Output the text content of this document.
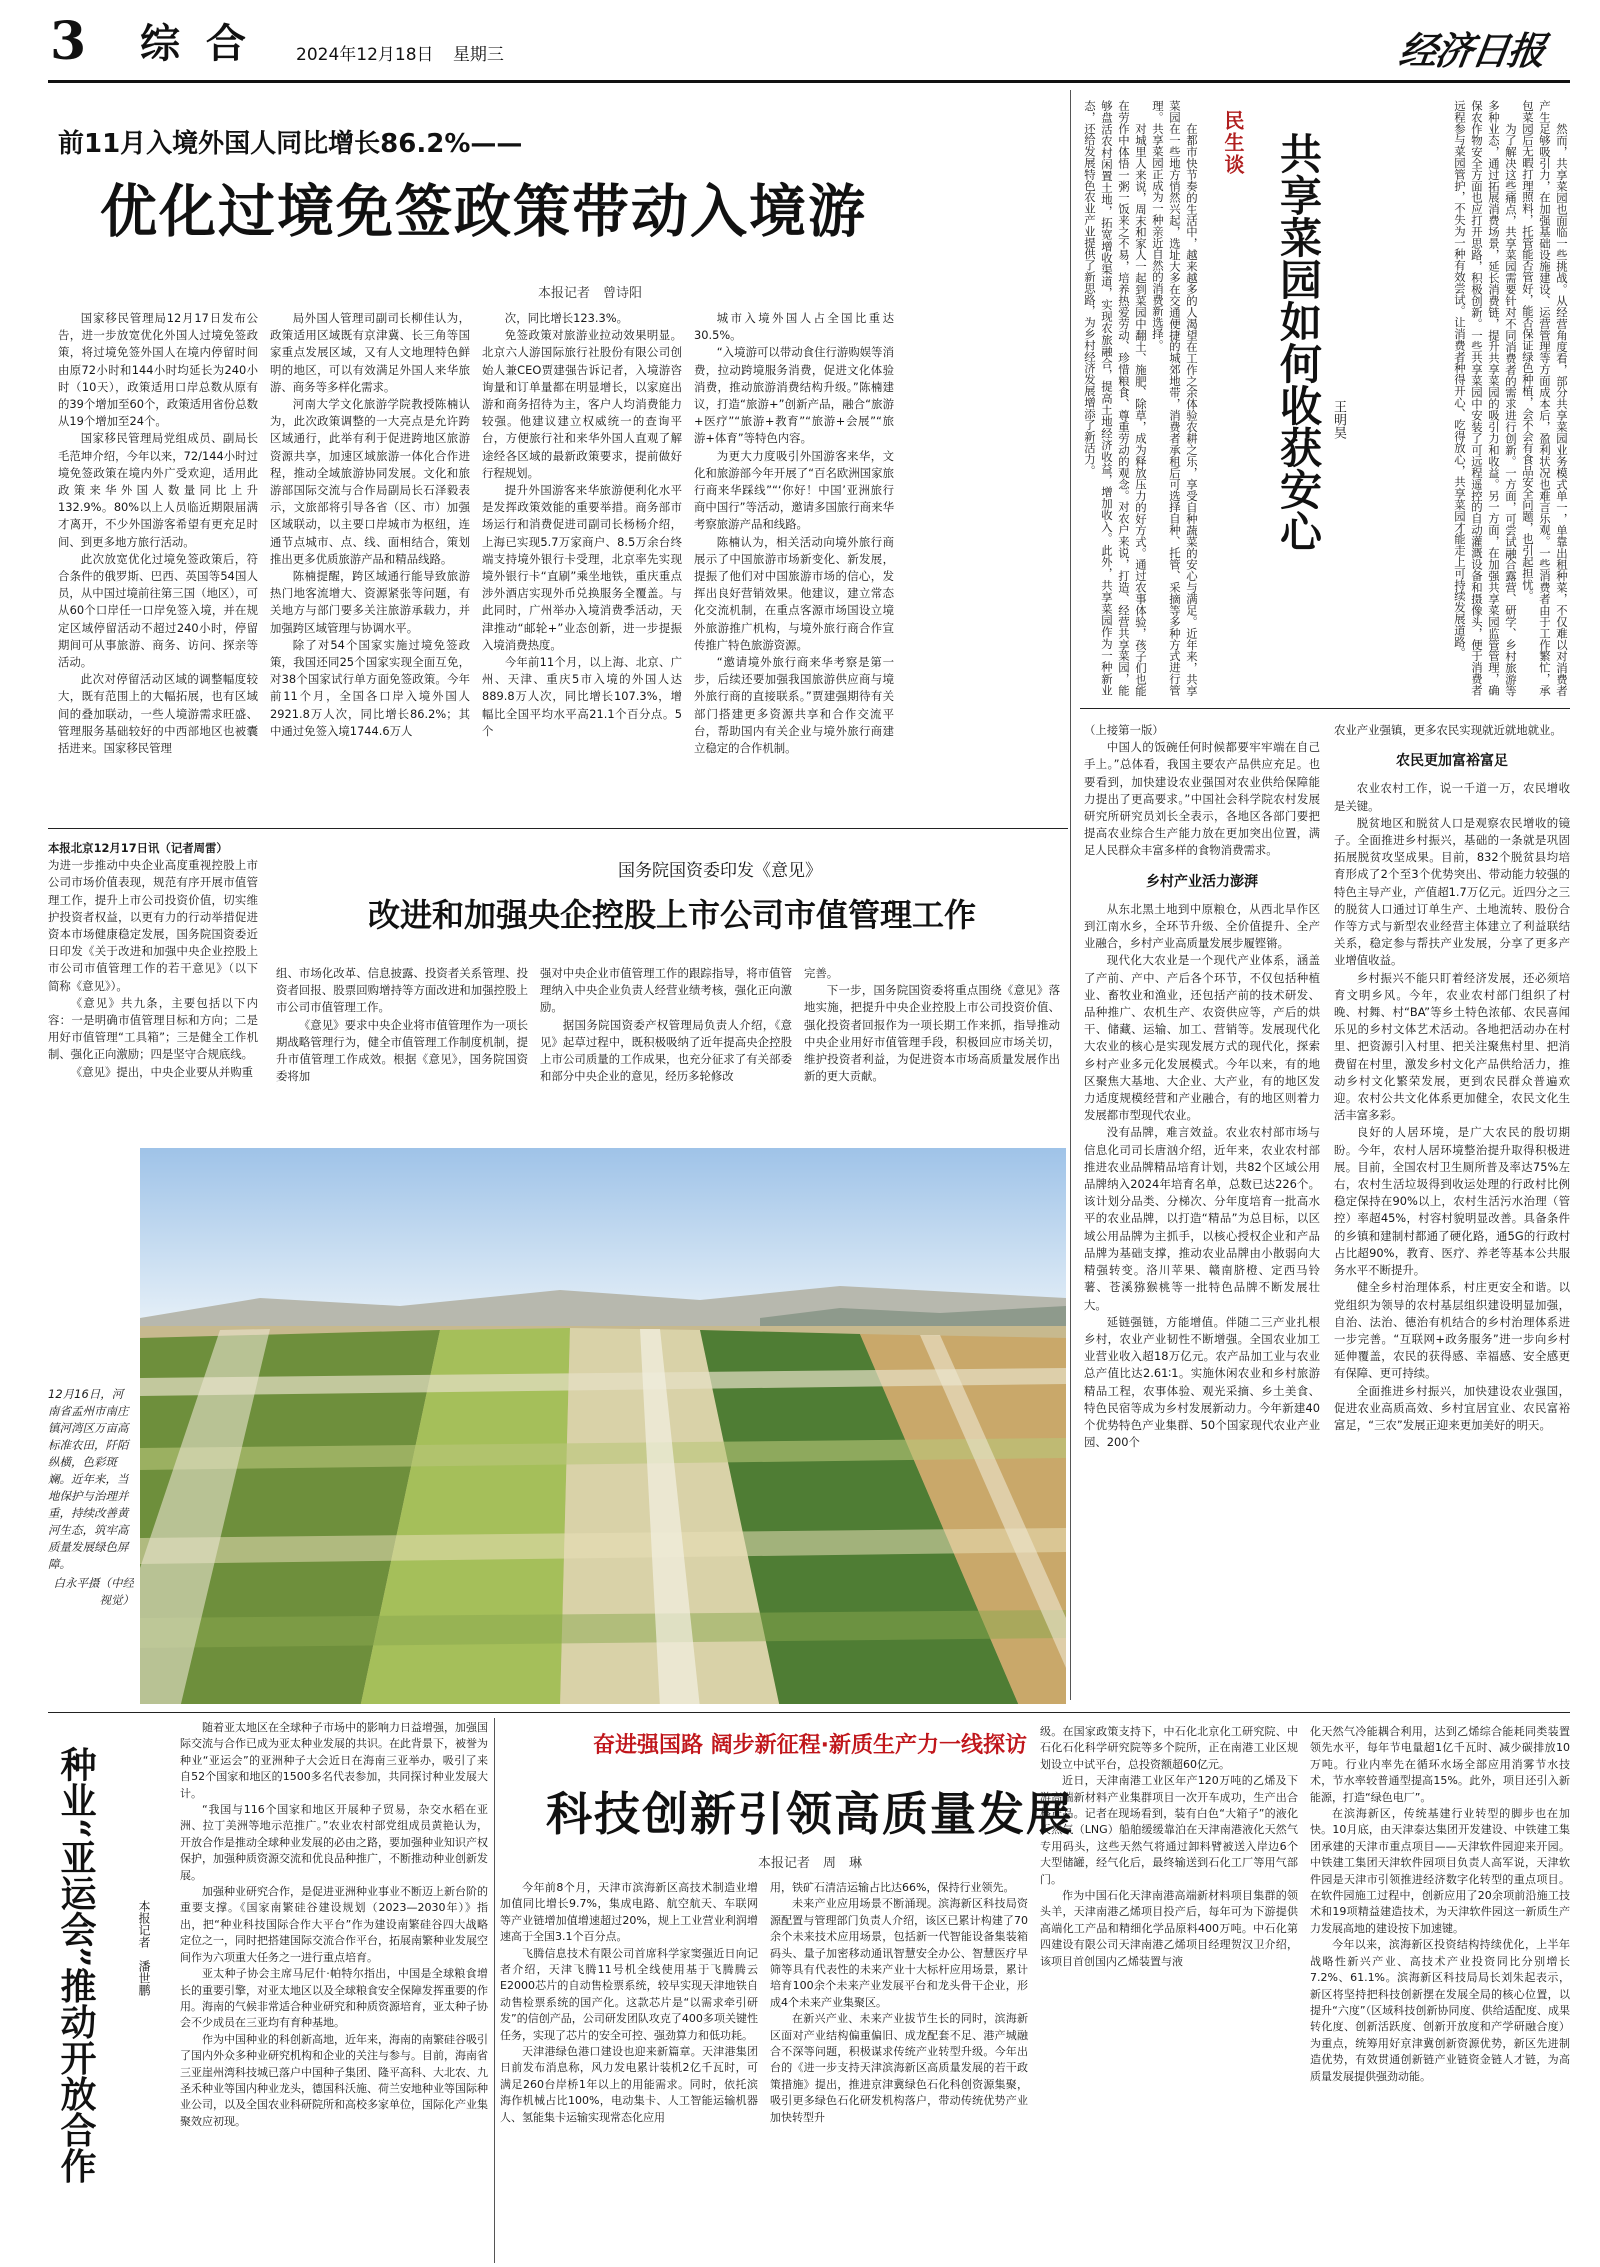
3 综 合	2024年12月18日 星期三	经济日报
前11月入境外国人同比增长86.2%——
优化过境免签政策带动入境游
本报记者　曾诗阳

国家移民管理局12月17日发布公告，进一步放宽优化外国人过境免签政策，将过境免签外国人在境内停留时间由原72小时和144小时均延长为240小时（10天），政策适用口岸总数从原有的39个增加至60个，政策适用省份总数从19个增加至24个。

国家移民管理局党组成员、副局长毛范坤介绍，今年以来，72/144小时过境免签政策在境内外广受欢迎，适用此政策来华外国人数量同比上升132.9%。80%以上人员临近期限届满才离开，不少外国游客希望有更充足时间、到更多地方旅行活动。

此次放宽优化过境免签政策后，符合条件的俄罗斯、巴西、英国等54国人员，从中国过境前往第三国（地区），可从60个口岸任一口岸免签入境，并在规定区域停留活动不超过240小时，停留期间可从事旅游、商务、访问、探亲等活动。

此次对停留活动区域的调整幅度较大，既有范围上的大幅拓展，也有区域间的叠加联动，一些人境游需求旺盛、管理服务基础较好的中西部地区也被囊括进来。国家移民管理

局外国人管理司副司长柳佳认为，政策适用区域既有京津冀、长三角等国家重点发展区域，又有人文地理特色鲜明的地区，可以有效满足外国人来华旅游、商务等多样化需求。

河南大学文化旅游学院教授陈楠认为，此次政策调整的一大亮点是允许跨区域通行，此举有利于促进跨地区旅游资源共享，加速区域旅游一体化合作进程，推动全域旅游协同发展。文化和旅游部国际交流与合作局副局长石泽毅表示，文旅部将引导各省（区、市）加强区域联动，以主要口岸城市为枢纽，连通节点城市、点、线、面相结合，策划推出更多优质旅游产品和精品线路。

陈楠提醒，跨区域通行能导致旅游热门地客流增大、资源紧张等问题，有关地方与部门要多关注旅游承载力，并加强跨区域管理与协调水平。

除了对54个国家实施过境免签政策，我国还同25个国家实现全面互免，对38个国家试行单方面免签政策。今年前11个月，全国各口岸入境外国人2921.8万人次，同比增长86.2%；其中通过免签入境1744.6万人

次，同比增长123.3%。

免签政策对旅游业拉动效果明显。北京六人游国际旅行社股份有限公司创始人兼CEO贾建强告诉记者，入境游咨询量和订单量都在明显增长，以家庭出游和商务招待为主，客户人均消费能力较强。他建议建立权威统一的查询平台，方便旅行社和来华外国人直观了解途经各区域的最新政策要求，提前做好行程规划。

提升外国游客来华旅游便利化水平是发挥政策效能的重要举措。商务部市场运行和消费促进司副司长杨杨介绍，上海已实现5.7万家商户、8.5万余台终端支持境外银行卡受理，北京率先实现境外银行卡“直刷”乘坐地铁，重庆重点涉外酒店实现外币兑换服务全覆盖。与此同时，广州举办入境消费季活动，天津推动“邮轮+”业态创新，进一步提振入境消费热度。

今年前11个月，以上海、北京、广州、天津、重庆5市入境的外国人达889.8万人次，同比增长107.3%，增幅比全国平均水平高21.1个百分点。5个

城市入境外国人占全国比重达30.5%。

“入境游可以带动食住行游购娱等消费，拉动跨境服务消费，促进文化体验消费，推动旅游消费结构升级。”陈楠建议，打造“旅游+”创新产品，融合“旅游+医疗”“旅游+教育”“旅游+会展”“旅游+体育”等特色内容。

为更大力度吸引外国游客来华，文化和旅游部今年开展了“百名欧洲国家旅行商来华踩线”“‘你好！中国’亚洲旅行商中国行”等活动，邀请多国旅行商来华考察旅游产品和线路。

陈楠认为，相关活动向境外旅行商展示了中国旅游市场新变化、新发展，提振了他们对中国旅游市场的信心，发挥出良好营销效果。他建议，建立常态化交流机制，在重点客源市场国设立境外旅游推广机构，与境外旅行商合作宣传推广特色旅游资源。

“邀请境外旅行商来华考察是第一步，后续还要加强我国旅游供应商与境外旅行商的直接联系。”贾建强期待有关部门搭建更多资源共享和合作交流平台，帮助国内有关企业与境外旅行商建立稳定的合作机制。

民生谈 共享菜园如何收获安心 王明昊

在都市快节奏的生活中，越来越多的人渴望在工作之余体验农耕之乐，享受自种蔬菜的安心与满足。近年来，共享菜园在一些地方悄然兴起，选址大多在交通便捷的城郊地带，消费者承租后可选择自种、托管、采摘等多种方式进行管理。共享菜园正成为一种亲近自然的消费新选择。

对城里人来说，周末和家人一起到菜园中翻土、施肥、除草，成为释放压力的好方式。通过农事体验，孩子们也能在劳作中体悟一粥一饭来之不易，培养热爱劳动、珍惜粮食、尊重劳动的观念。对农户来说，打造、经营共享菜园，能够盘活农村闲置土地，拓宽增收渠道，实现农旅融合，提高土地经济收益，增加收入。此外，共享菜园作为一种新业态，还给发展特色农业产业提供了新思路，为乡村经济发展增添了新活力。	然而，共享菜园也面临一些挑战。从经营角度看，部分共享菜园业务模式单一，单靠出租种菜，不仅难以对消费者产生足够吸引力，在加强基础设施建设、运营管理等方面成本后，盈利状况也难言乐观。一些消费者由于工作繁忙，承包菜园后无暇打理照料，托管能否管好，能否保证绿色种植，会不会有食品安全问题，也引起担忧。

为了解决这些痛点，共享菜园需要针对不同消费者的需求进行创新。一方面，可尝试融合露营、研学、乡村旅游等多种业态，通过拓展消费场景，延长消费链，提升共享菜园的吸引力和收益。另一方面，在加强共享菜园监管管理，确保农作物安全方面也应打开思路，积极创新。一些共享菜园中安装了可远程遥控的自动灌溉设备和摄像头，便于消费者远程参与菜园管护，不失为一种有效尝试。让消费者种得开心、吃得放心，共享菜园才能走上可持续发展道路。

（上接第一版）

中国人的饭碗任何时候都要牢牢端在自己手上。”总体看，我国主要农产品供应充足。也要看到，加快建设农业强国对农业供给保障能力提出了更高要求。”中国社会科学院农村发展研究所研究员刘长全表示，各地区各部门要把提高农业综合生产能力放在更加突出位置，满足人民群众丰富多样的食物消费需求。

乡村产业活力澎湃

从东北黑土地到中原粮仓，从西北旱作区到江南水乡，全环节升级、全价值提升、全产业融合，乡村产业高质量发展步履铿锵。

现代化大农业是一个现代产业体系，涵盖了产前、产中、产后各个环节，不仅包括种植业、畜牧业和渔业，还包括产前的技术研发、品种推广、农机生产、农资供应等，产后的烘干、储藏、运输、加工、营销等。发展现代化大农业的核心是实现发展方式的现代化，探索乡村产业多元化发展模式。今年以来，有的地区聚焦大基地、大企业、大产业，有的地区发力适度规模经营和产业融合，有的地区则着力发展都市型现代农业。

没有品牌，难言效益。农业农村部市场与信息化司司长唐汹介绍，近年来，农业农村部推进农业品牌精品培育计划，共82个区域公用品牌纳入2024年培育名单，总数已达226个。该计划分品类、分梯次、分年度培育一批高水平的农业品牌，以打造“精品”为总目标，以区域公用品牌为主抓手，以核心授权企业和产品品牌为基础支撑，推动农业品牌由小散弱向大精强转变。洛川苹果、赣南脐橙、定西马铃薯、苍溪猕猴桃等一批特色品牌不断发展壮大。

延链强链，方能增值。伴随二三产业扎根乡村，农业产业韧性不断增强。全国农业加工业营业收入超18万亿元。农产品加工业与农业总产值比达2.61∶1。实施休闲农业和乡村旅游精品工程，农事体验、观光采摘、乡土美食、特色民宿等成为乡村发展新动力。今年新建40个优势特色产业集群、50个国家现代农业产业园、200个

农业产业强镇，更多农民实现就近就地就业。

农民更加富裕富足

农业农村工作，说一千道一万，农民增收是关键。

脱贫地区和脱贫人口是观察农民增收的镜子。全面推进乡村振兴，基础的一条就是巩固拓展脱贫攻坚成果。目前，832个脱贫县均培育形成了2个至3个优势突出、带动能力较强的特色主导产业，产值超1.7万亿元。近四分之三的脱贫人口通过订单生产、土地流转、股份合作等方式与新型农业经营主体建立了利益联结关系，稳定参与帮扶产业发展，分享了更多产业增值收益。

乡村振兴不能只盯着经济发展，还必须培育文明乡风。今年，农业农村部门组织了村晚、村舞、村“BA”等乡土特色浓郁、农民喜闻乐见的乡村文体艺术活动。各地把活动办在村里、把资源引入村里、把关注聚焦村里、把消费留在村里，激发乡村文化产品供给活力，推动乡村文化繁荣发展，更到农民群众普遍欢迎。农村公共文化体系更加健全，农民文化生活丰富多彩。

良好的人居环境，是广大农民的殷切期盼。今年，农村人居环境整治提升取得积极进展。目前，全国农村卫生厕所普及率达75%左右，农村生活垃圾得到收运处理的行政村比例稳定保持在90%以上，农村生活污水治理（管控）率超45%，村容村貌明显改善。具备条件的乡镇和建制村都通了硬化路，通5G的行政村占比超90%，教育、医疗、养老等基本公共服务水平不断提升。

健全乡村治理体系，村庄更安全和谐。以党组织为领导的农村基层组织建设明显加强，自治、法治、德治有机结合的乡村治理体系进一步完善。“互联网+政务服务”进一步向乡村延伸覆盖，农民的获得感、幸福感、安全感更有保障、更可持续。

全面推进乡村振兴，加快建设农业强国，促进农业高质高效、乡村宜居宜业、农民富裕富足，“三农”发展正迎来更加美好的明天。

本报北京12月17日讯（记者周雷）

为进一步推动中央企业高度重视控股上市公司市场价值表现，规范有序开展市值管理工作，提升上市公司投资价值，切实维护投资者权益，以更有力的行动举措促进资本市场健康稳定发展，国务院国资委近日印发《关于改进和加强中央企业控股上市公司市值管理工作的若干意见》（以下简称《意见》）。

《意见》共九条，主要包括以下内容：一是明确市值管理目标和方向；二是用好市值管理“工具箱”；三是健全工作机制、强化正向激励；四是坚守合规底线。

《意见》提出，中央企业要从并购重

国务院国资委印发《意见》
改进和加强央企控股上市公司市值管理工作

组、市场化改革、信息披露、投资者关系管理、投资者回报、股票回购增持等方面改进和加强控股上市公司市值管理工作。

《意见》要求中央企业将市值管理作为一项长期战略管理行为，健全市值管理工作制度机制，提升市值管理工作成效。根据《意见》，国务院国资委将加

强对中央企业市值管理工作的跟踪指导，将市值管理纳入中央企业负责人经营业绩考核，强化正向激励。

据国务院国资委产权管理局负责人介绍，《意见》起草过程中，既积极吸纳了近年提高央企控股上市公司质量的工作成果，也充分征求了有关部委和部分中央企业的意见，经历多轮修改

完善。

下一步，国务院国资委将重点围绕《意见》落地实施，把提升中央企业控股上市公司投资价值、强化投资者回报作为一项长期工作来抓，指导推动中央企业用好市值管理手段，积极回应市场关切，维护投资者利益，为促进资本市场高质量发展作出新的更大贡献。

12月16日，河南省孟州市南庄镇河湾区万亩高标准农田，阡陌纵横，色彩斑斓。近年来，当地保护与治理并重，持续改善黄河生态，筑牢高质量发展绿色屏障。
白永平摄（中经视觉）
种业“亚运会”推动开放合作	本报记者　潘世鹏

随着亚太地区在全球种子市场中的影响力日益增强，加强国际交流与合作已成为亚太种业发展的共识。在此背景下，被誉为种业“亚运会”的亚洲种子大会近日在海南三亚举办，吸引了来自52个国家和地区的1500多名代表参加，共同探讨种业发展大计。

“我国与116个国家和地区开展种子贸易，杂交水稻在亚洲、拉丁美洲等地示范推广。”农业农村部党组成员黄艳认为，开放合作是推动全球种业发展的必由之路，要加强种业知识产权保护，加强种质资源交流和优良品种推广，不断推动种业创新发展。

加强种业研究合作，是促进亚洲种业事业不断迈上新台阶的重要支撑。《国家南繁硅谷建设规划（2023—2030年）》指出，把“种业科技国际合作大平台”作为建设南繁硅谷四大战略定位之一，同时把搭建国际交流合作平台，拓展南繁种业发展空间作为六项重大任务之一进行重点培育。

亚太种子协会主席马尼什·帕特尔指出，中国是全球粮食增长的重要引擎，对亚太地区以及全球粮食安全保障发挥重要的作用。海南的气候非常适合种业研究和种质资源培育，亚太种子协会不少成员在三亚均有育种基地。

作为中国种业的科创新高地，近年来，海南的南繁硅谷吸引了国内外众多种业研究机构和企业的关注与参与。目前，海南省三亚崖州湾科技城已落户中国种子集团、隆平高科、大北农、九圣禾种业等国内种业龙头，德国科沃施、荷兰安地种业等国际种业公司，以及全国农业科研院所和高校多家单位，国际化产业集聚效应初现。

奋进强国路 阔步新征程·新质生产力一线探访
科技创新引领高质量发展
本报记者　周　琳

今年前8个月，天津市滨海新区高技术制造业增加值同比增长9.7%，集成电路、航空航天、车联网等产业链增加值增速超过20%，规上工业营业利润增速高于全国3.1个百分点。

飞腾信息技术有限公司首席科学家窦强近日向记者介绍，天津飞腾11号机全线使用基于飞腾腾云E2000芯片的自动售检票系统，较早实现天津地铁自动售检票系统的国产化。这款芯片是“以需求牵引研发”的信创产品，公司研发团队攻克了400多项关键性任务，实现了芯片的安全可控、强劲算力和低功耗。

天津港绿色港口建设也迎来新篇章。天津港集团日前发布消息称，风力发电累计装机2亿千瓦时，可满足260台岸桥1年以上的用能需求。同时，依托滨海作机械占比100%，电动集卡、人工智能运输机器人、氢能集卡运输实现常态化应用

用，铁矿石清洁运输占比达66%，保持行业领先。

未来产业应用场景不断涌现。滨海新区科技局资源配置与管理部门负责人介绍，该区已累计构建了70余个未来技术应用场景，包括新一代智能设备集装箱码头、量子加密移动通讯智慧安全办公、智慧医疗早筛等具有代表性的未来产业十大标杆应用场景，累计培育100余个未来产业发展平台和龙头骨干企业，形成4个未来产业集聚区。

在新兴产业、未来产业拔节生长的同时，滨海新区面对产业结构偏重偏旧、成龙配套不足、港产城融合不深等问题，积极谋求传统产业转型升级。今年出台的《进一步支持天津滨海新区高质量发展的若干政策措施》提出，推进京津冀绿色石化科创资源集聚，吸引更多绿色石化研发机构落户，带动传统优势产业加快转型升

级。在国家政策支持下，中石化北京化工研究院、中石化石化科学研究院等多个院所，正在南港工业区规划设立中试平台，总投资额超60亿元。

近日，天津南港工业区年产120万吨的乙烯及下游高端新材料产业集群项目一次开车成功，生产出合格产品。记者在现场看到，装有白色“大箱子”的液化天然气（LNG）船舶缓缓靠泊在天津南港液化天然气专用码头，这些天然气将通过卸料臂被送入岸边6个大型储罐，经气化后，最终输送到石化工厂等用气部门。

作为中国石化天津南港高端新材料项目集群的领头羊，天津南港乙烯项目投产后，每年可为下游提供高端化工产品和精细化学品原料400万吨。中石化第四建设有限公司天津南港乙烯项目经理贺汉卫介绍，该项目首创国内乙烯装置与液

化天然气冷能耦合利用，达到乙烯综合能耗同类装置领先水平，每年节电量超1亿千瓦时、减少碳排放10万吨。行业内率先在循环水场全部应用消雾节水技术，节水率较普通型提高15%。此外，项目还引入新能源，打造“绿色电厂”。

在滨海新区，传统基建行业转型的脚步也在加快。10月底，由天津泰达集团开发建设、中铁建工集团承建的天津市重点项目——天津软件园迎来开园。中铁建工集团天津软件园项目负责人高军说，天津软件园是天津市引领推进经济数字化转型的重点项目。在软件园施工过程中，创新应用了20余项前沿施工技术和19项精益建造技术，为天津软件园这一新质生产力发展高地的建设按下加速键。

今年以来，滨海新区投资结构持续优化，上半年战略性新兴产业、高技术产业投资同比分别增长7.2%、61.1%。滨海新区科技局局长刘朱起表示，新区将坚持把科技创新摆在发展全局的核心位置，以提升“六度”（区域科技创新协同度、供给适配度、成果转化度、创新活跃度、创新开放度和产学研融合度）为重点，统筹用好京津冀创新资源优势，新区先进制造优势，有效贯通创新链产业链资金链人才链，为高质量发展提供强劲动能。
